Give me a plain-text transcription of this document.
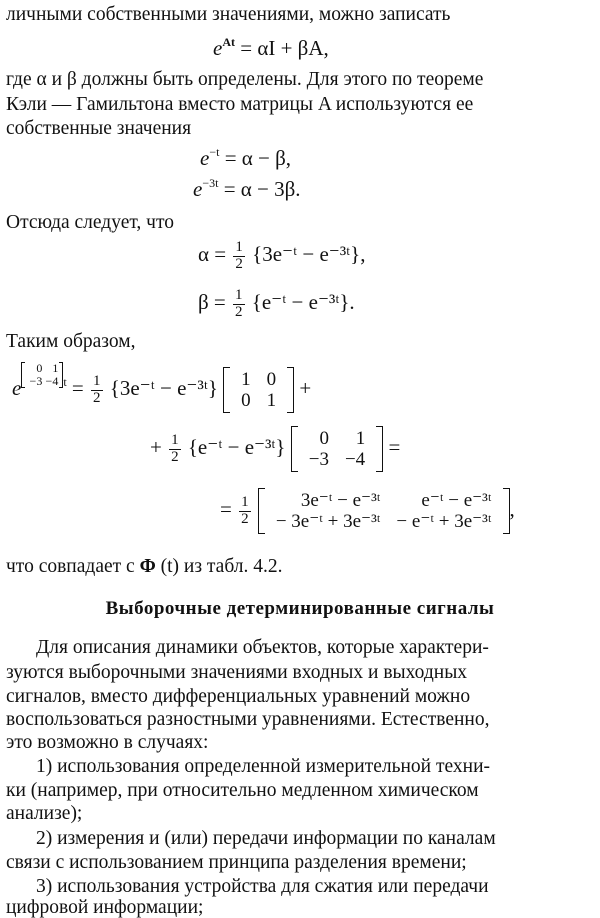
личными собственными значениями, можно записать
$e^{At} = \alpha I + \beta A$,
где α и β должны быть определены. Для этого по теореме
Кэли — Гамильтона вместо матрицы A используются ее
собственные значения
$e^{-t} = \alpha - \beta$,
$e^{-3t} = \alpha - 3\beta$.
Отсюда следует, что
$\alpha = \frac{1}{2}$ {3e⁻ᵗ − e⁻³ᵗ},
$\beta = \frac{1}{2}$ {e⁻ᵗ − e⁻³ᵗ}.
Таким образом,
e0 1
−3 −4 $^t = \frac{1}{2}$ {3e⁻ᵗ − e⁻³ᵗ} 1	0
0	1
+
+ $\frac{1}{2}$ {e⁻ᵗ − e⁻³ᵗ} 0	1
−3	−4
=
= $\frac{1}{2}$
	3e⁻ᵗ − e⁻³ᵗ	e⁻ᵗ − e⁻³ᵗ
− 3e⁻ᵗ + 3e⁻³ᵗ	− e⁻ᵗ + 3e⁻³ᵗ
,
что совпадает с Φ (t) из табл. 4.2.
Выборочные детерминированные сигналы
Для описания динамики объектов, которые характери-
зуются выборочными значениями входных и выходных
сигналов, вместо дифференциальных уравнений можно
воспользоваться разностными уравнениями. Естественно,
это возможно в случаях:
1) использования определенной измерительной техни-
ки (например, при относительно медленном химическом
анализе);
2) измерения и (или) передачи информации по каналам
связи с использованием принципа разделения времени;
3) использования устройства для сжатия или передачи
цифровой информации;
